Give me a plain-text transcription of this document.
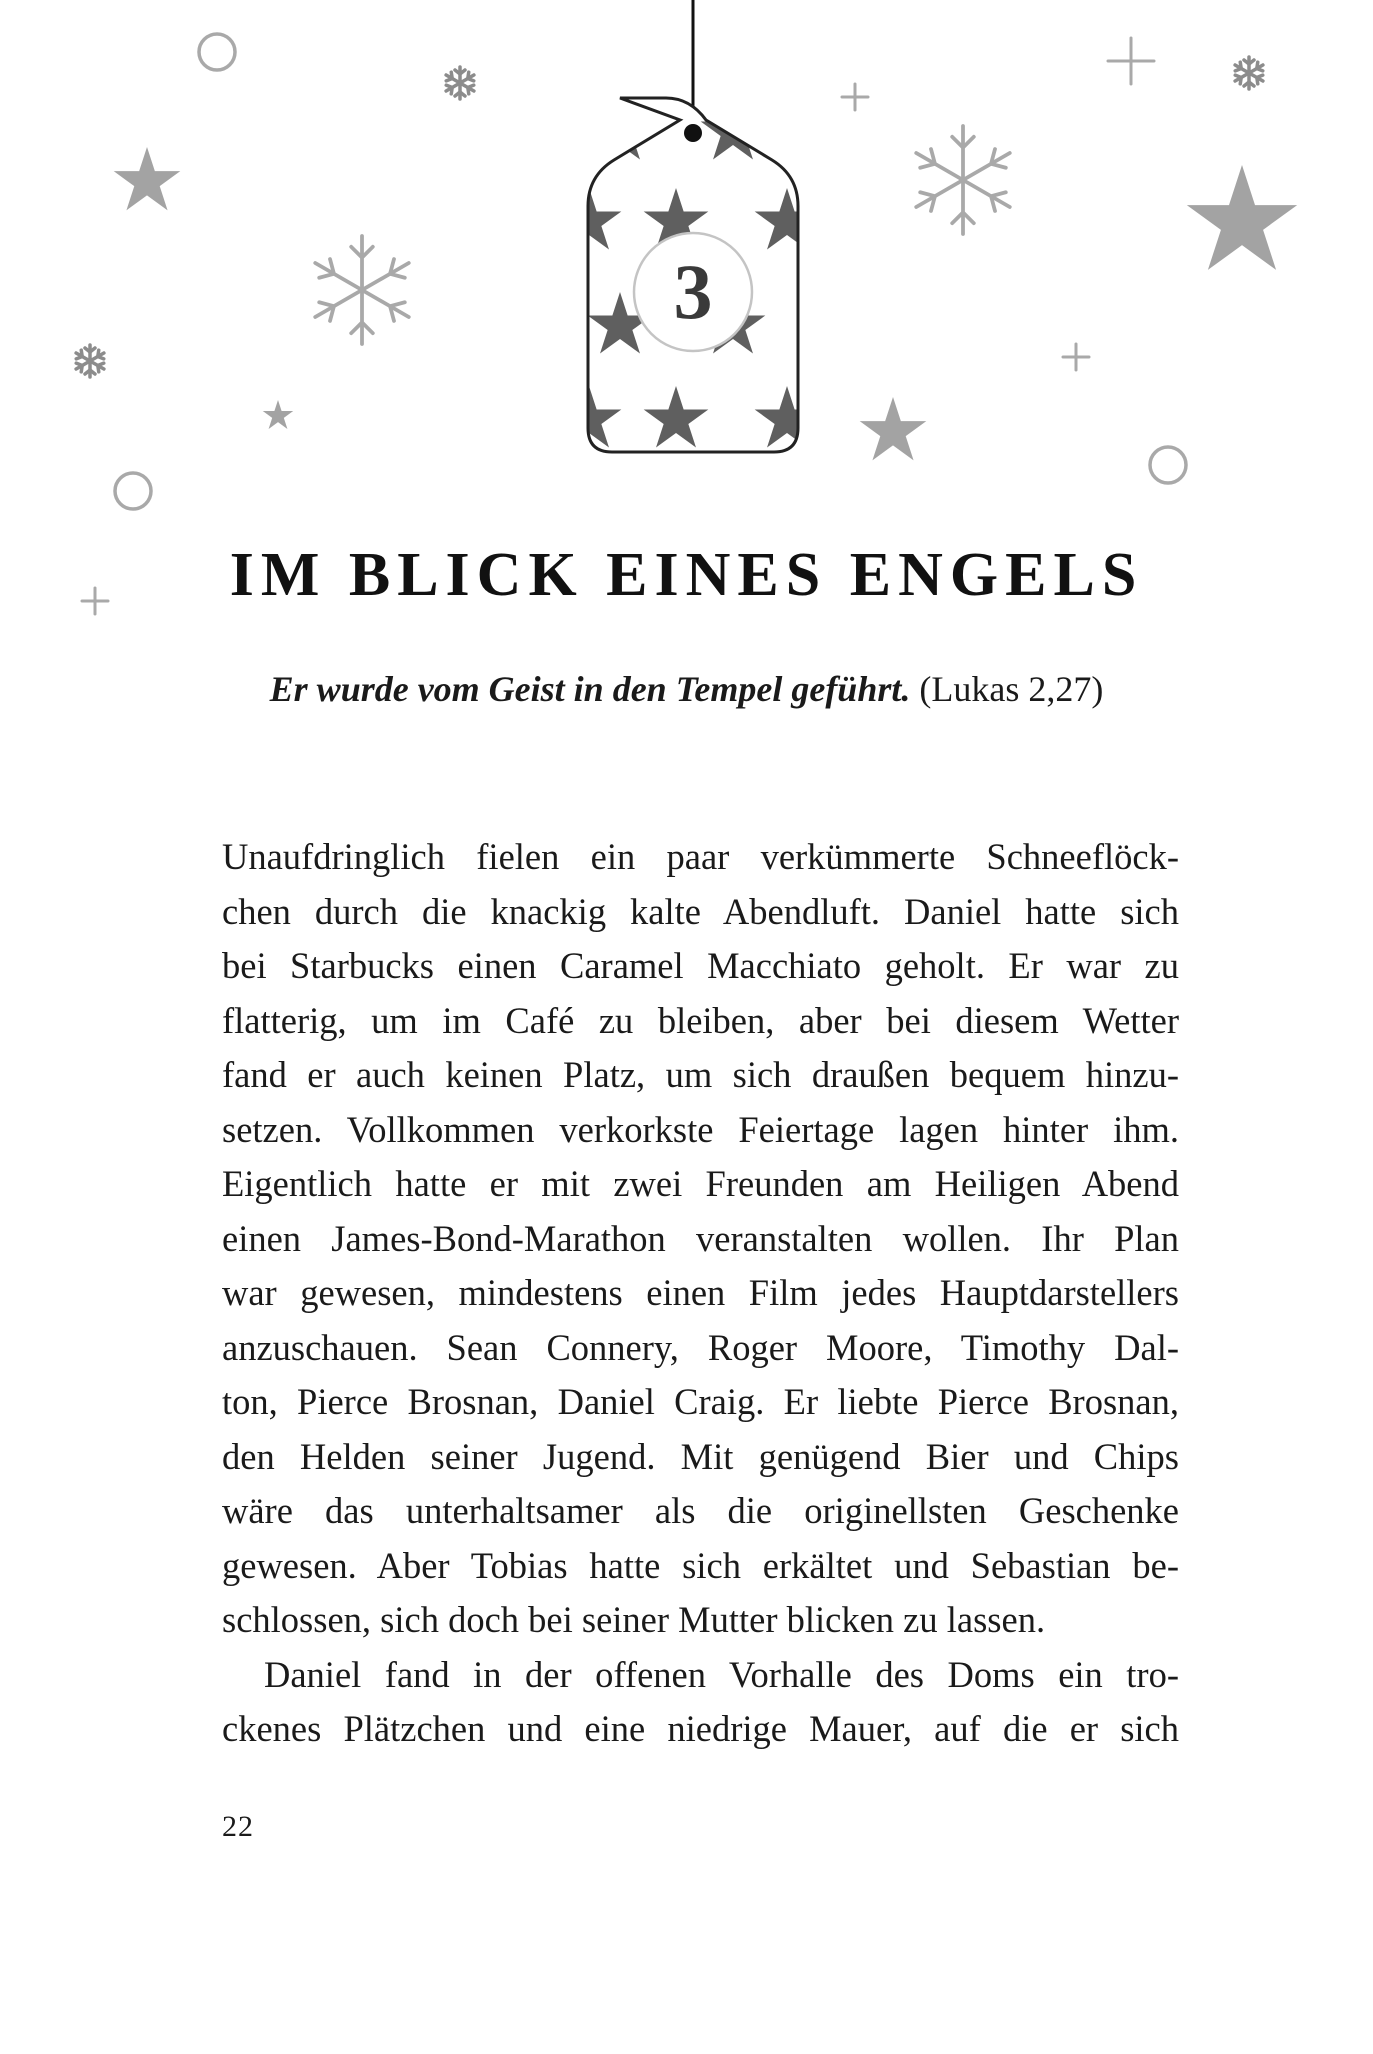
3
IM BLICK EINES ENGELS
Er wurde vom Geist in den Tempel geführt. (Lukas 2,27)
Unaufdringlich fielen ein paar verkümmerte Schneeflöck-
chen durch die knackig kalte Abendluft. Daniel hatte sich
bei Starbucks einen Caramel Macchiato geholt. Er war zu
flatterig, um im Café zu bleiben, aber bei diesem Wetter
fand er auch keinen Platz, um sich draußen bequem hinzu-
setzen. Vollkommen verkorkste Feiertage lagen hinter ihm.
Eigentlich hatte er mit zwei Freunden am Heiligen Abend
einen James-Bond-Marathon veranstalten wollen. Ihr Plan
war gewesen, mindestens einen Film jedes Hauptdarstellers
anzuschauen. Sean Connery, Roger Moore, Timothy Dal-
ton, Pierce Brosnan, Daniel Craig. Er liebte Pierce Brosnan,
den Helden seiner Jugend. Mit genügend Bier und Chips
wäre das unterhaltsamer als die originellsten Geschenke
gewesen. Aber Tobias hatte sich erkältet und Sebastian be-
schlossen, sich doch bei seiner Mutter blicken zu lassen.
Daniel fand in der offenen Vorhalle des Doms ein tro-
ckenes Plätzchen und eine niedrige Mauer, auf die er sich
22
